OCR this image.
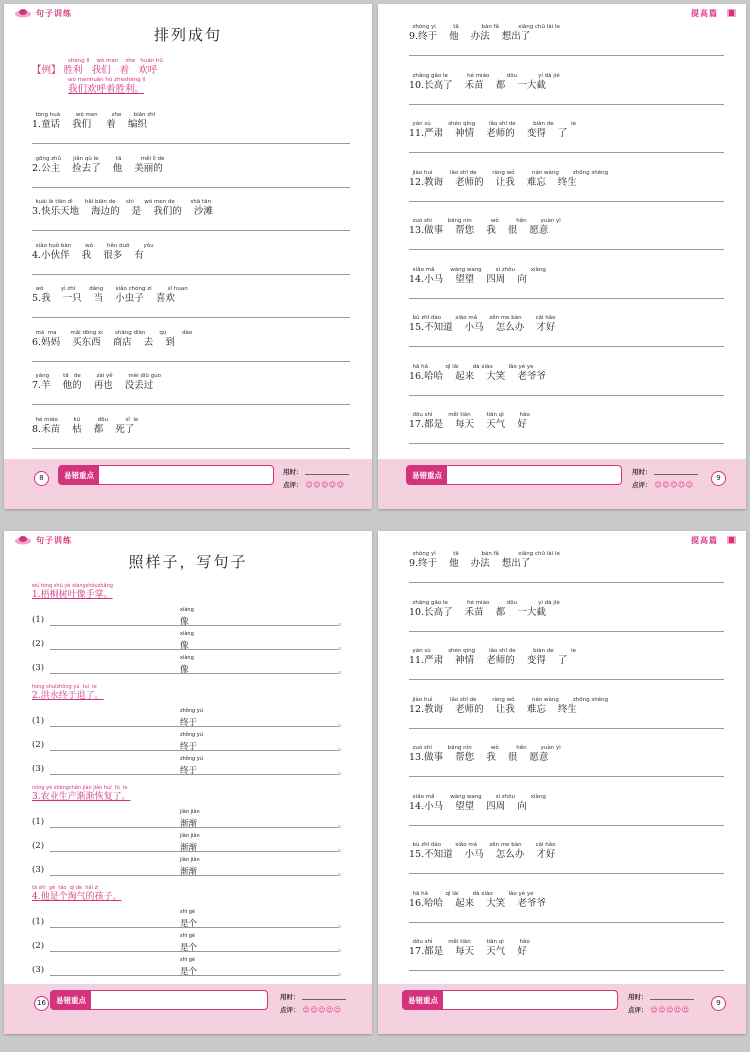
句子训练
排列成句
shèng lì    wǒ men    zhe   huān hū
【例】 胜利   我们   着   欢呼
wǒ menhuān hū zheshèng lì
我们欢呼着胜利。
tóng huà         wǒ men        zhe       biān zhī
1.童话    我们     着    编织
gōng zhǔ       jiǎn qù le          tā           měi lì de
2.公主    捡去了    他    美丽的
kuài lè tiān dì       hǎi biān de      shì      wǒ men de         shā tān
3.快乐天地    海边的    是    我们的    沙滩
xiǎo huǒ bàn        wǒ        hěn duō        yǒu
4.小伙伴    我    很多    有
wǒ          yì zhī        dǎng       xiǎo chóng zi         xǐ huan
5.我    一只    当    小虫子    喜欢
mā  ma        mǎi dōng xi       shāng diàn        qù         dào
6.妈妈    买东西    商店    去    到
yáng        tā   de         zài yě         méi diū guo
7.羊    他的    再也    没丢过
hé miáo         kū          dōu          sǐ  le
8.禾苗    枯    都    死了
8	易错重点	用时：
点评： ☺☺☺☺☺
提高篇
zhǒng yì          tā             bàn fǎ           xiǎng chū lái le
9.终于    他    办法    想出了
zhǎng gāo le           hé miáo          dōu            yí dà jié
10.长高了    禾苗    都    一大截
yán sù          shén qíng        lǎo shī de          biàn de          le
11.严肃    神情    老师的    变得    了
jiào huì          lǎo shī de         ràng wǒ          nán wàng        zhōng shēng
12.教诲    老师的    让我    难忘    终生
zuò shì         bāng nín           wǒ          hěn        yuàn yì
13.做事    帮您    我    很    愿意
xiǎo mǎ         wàng wang        sì zhōu         xiàng
14.小马    望望    四周    向
bù zhī dào        xiǎo mǎ       zěn me bàn        cái hǎo
15.不知道    小马    怎么办    才好
hā hā          qǐ lái        dà xiào         lǎo yé ye
16.哈哈    起来    大笑    老爷爷
dōu shì         měi tiān         tiān qì         hǎo
17.都是    每天    天气    好
易错重点	用时：
点评： ☺☺☺☺☺
9
句子训练
照样子，写句子
wú tóng shù yè xiàngshǒuzhǎng
1.梧桐树叶像手掌。
(1)
xiàng
像	。
(2)
xiàng
像	。
(3)
xiàng
像	。
hóng shuǐzhōng yú  tuì  le
2.洪水终于退了。
(1)
zhōng yú
终于	。
(2)
zhōng yú
终于	。
(3)
zhōng yú
终于	。
nóng yè shēngchǎn jiàn jiàn huī  fù  le
3.农业生产渐渐恢复了。
(1)
jiàn jiàn
渐渐	。
(2)
jiàn jiàn
渐渐	。
(3)
jiàn jiàn
渐渐	。
tā shì  gè  táo  qì de  hái zi
4.他是个淘气的孩子。
(1)
shì gè
是个	。
(2)
shì gè
是个	。
(3)
shì gè
是个	。
16	易错重点	用时：
点评： ☺☺☺☺☺
提高篇
zhǒng yì          tā             bàn fǎ           xiǎng chū lái le
9.终于    他    办法    想出了
zhǎng gāo le           hé miáo          dōu            yí dà jié
10.长高了    禾苗    都    一大截
yán sù          shén qíng        lǎo shī de          biàn de          le
11.严肃    神情    老师的    变得    了
jiào huì          lǎo shī de         ràng wǒ          nán wàng        zhōng shēng
12.教诲    老师的    让我    难忘    终生
zuò shì         bāng nín           wǒ          hěn        yuàn yì
13.做事    帮您    我    很    愿意
xiǎo mǎ         wàng wang        sì zhōu         xiàng
14.小马    望望    四周    向
bù zhī dào        xiǎo mǎ       zěn me bàn        cái hǎo
15.不知道    小马    怎么办    才好
hā hā          qǐ lái        dà xiào         lǎo yé ye
16.哈哈    起来    大笑    老爷爷
dōu shì         měi tiān         tiān qì         hǎo
17.都是    每天    天气    好
易错重点	用时：
点评： ☺☺☺☺☺
9
